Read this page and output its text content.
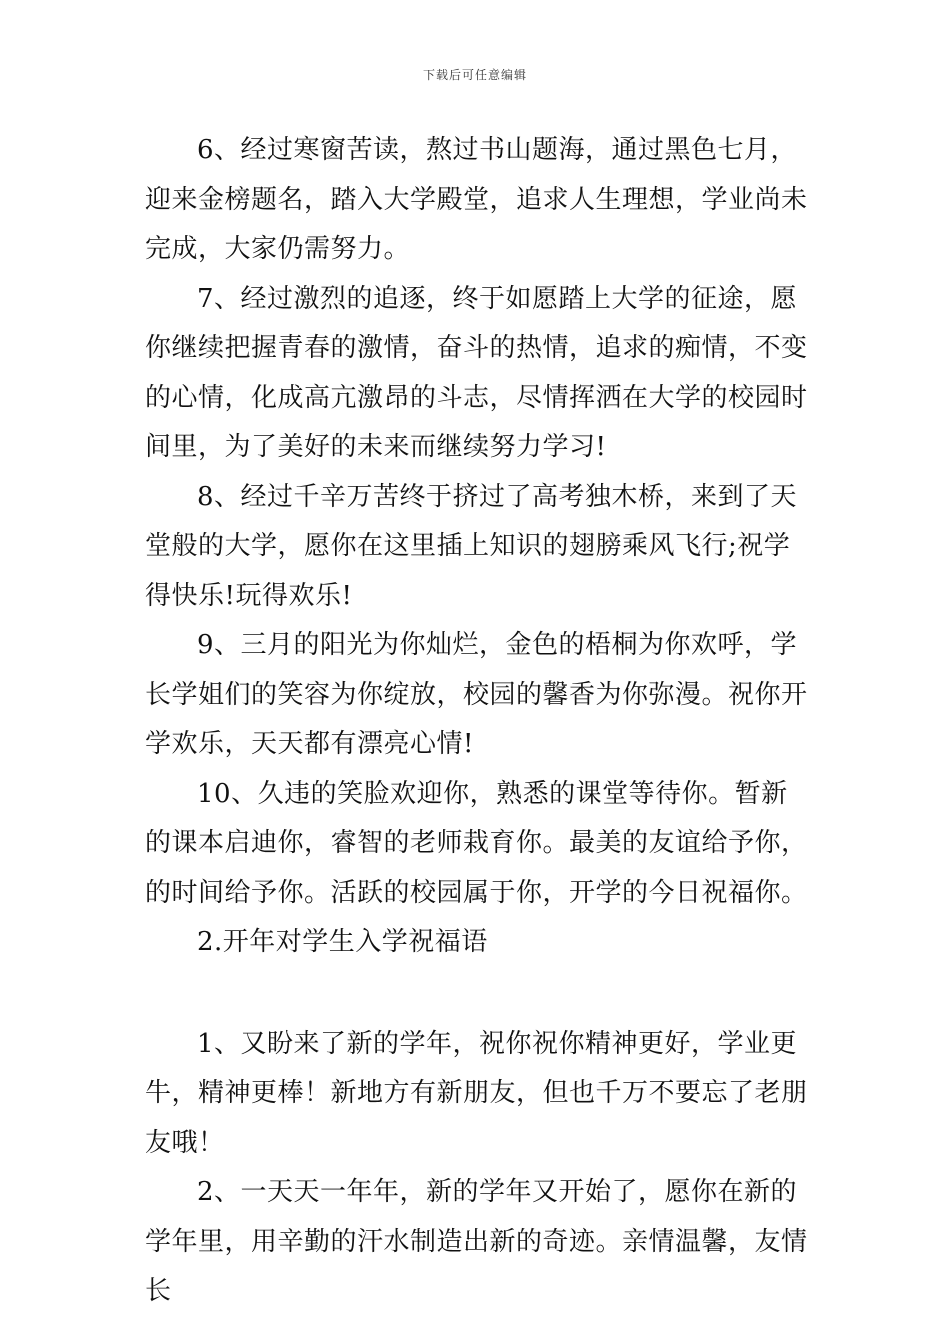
下载后可任意编辑

6、经过寒窗苦读，熬过书山题海，通过黑色七月，迎来金榜题名，踏入大学殿堂，追求人生理想，学业尚未完成，大家仍需努力。

7、经过激烈的追逐，终于如愿踏上大学的征途，愿你继续把握青春的激情，奋斗的热情，追求的痴情，不变的心情，化成高亢激昂的斗志，尽情挥洒在大学的校园时间里，为了美好的未来而继续努力学习!

8、经过千辛万苦终于挤过了高考独木桥，来到了天堂般的大学，愿你在这里插上知识的翅膀乘风飞行;祝学得快乐!玩得欢乐!

9、三月的阳光为你灿烂，金色的梧桐为你欢呼，学长学姐们的笑容为你绽放，校园的馨香为你弥漫。祝你开学欢乐，天天都有漂亮心情!

10、久违的笑脸欢迎你，熟悉的课堂等待你。暂新的课本启迪你，睿智的老师栽育你。最美的友谊给予你，的时间给予你。活跃的校园属于你，开学的今日祝福你。

2.开年对学生入学祝福语

1、又盼来了新的学年，祝你祝你精神更好，学业更牛，精神更棒！新地方有新朋友，但也千万不要忘了老朋友哦！

2、一天天一年年，新的学年又开始了，愿你在新的学年里，用辛勤的汗水制造出新的奇迹。亲情温馨，友情长
